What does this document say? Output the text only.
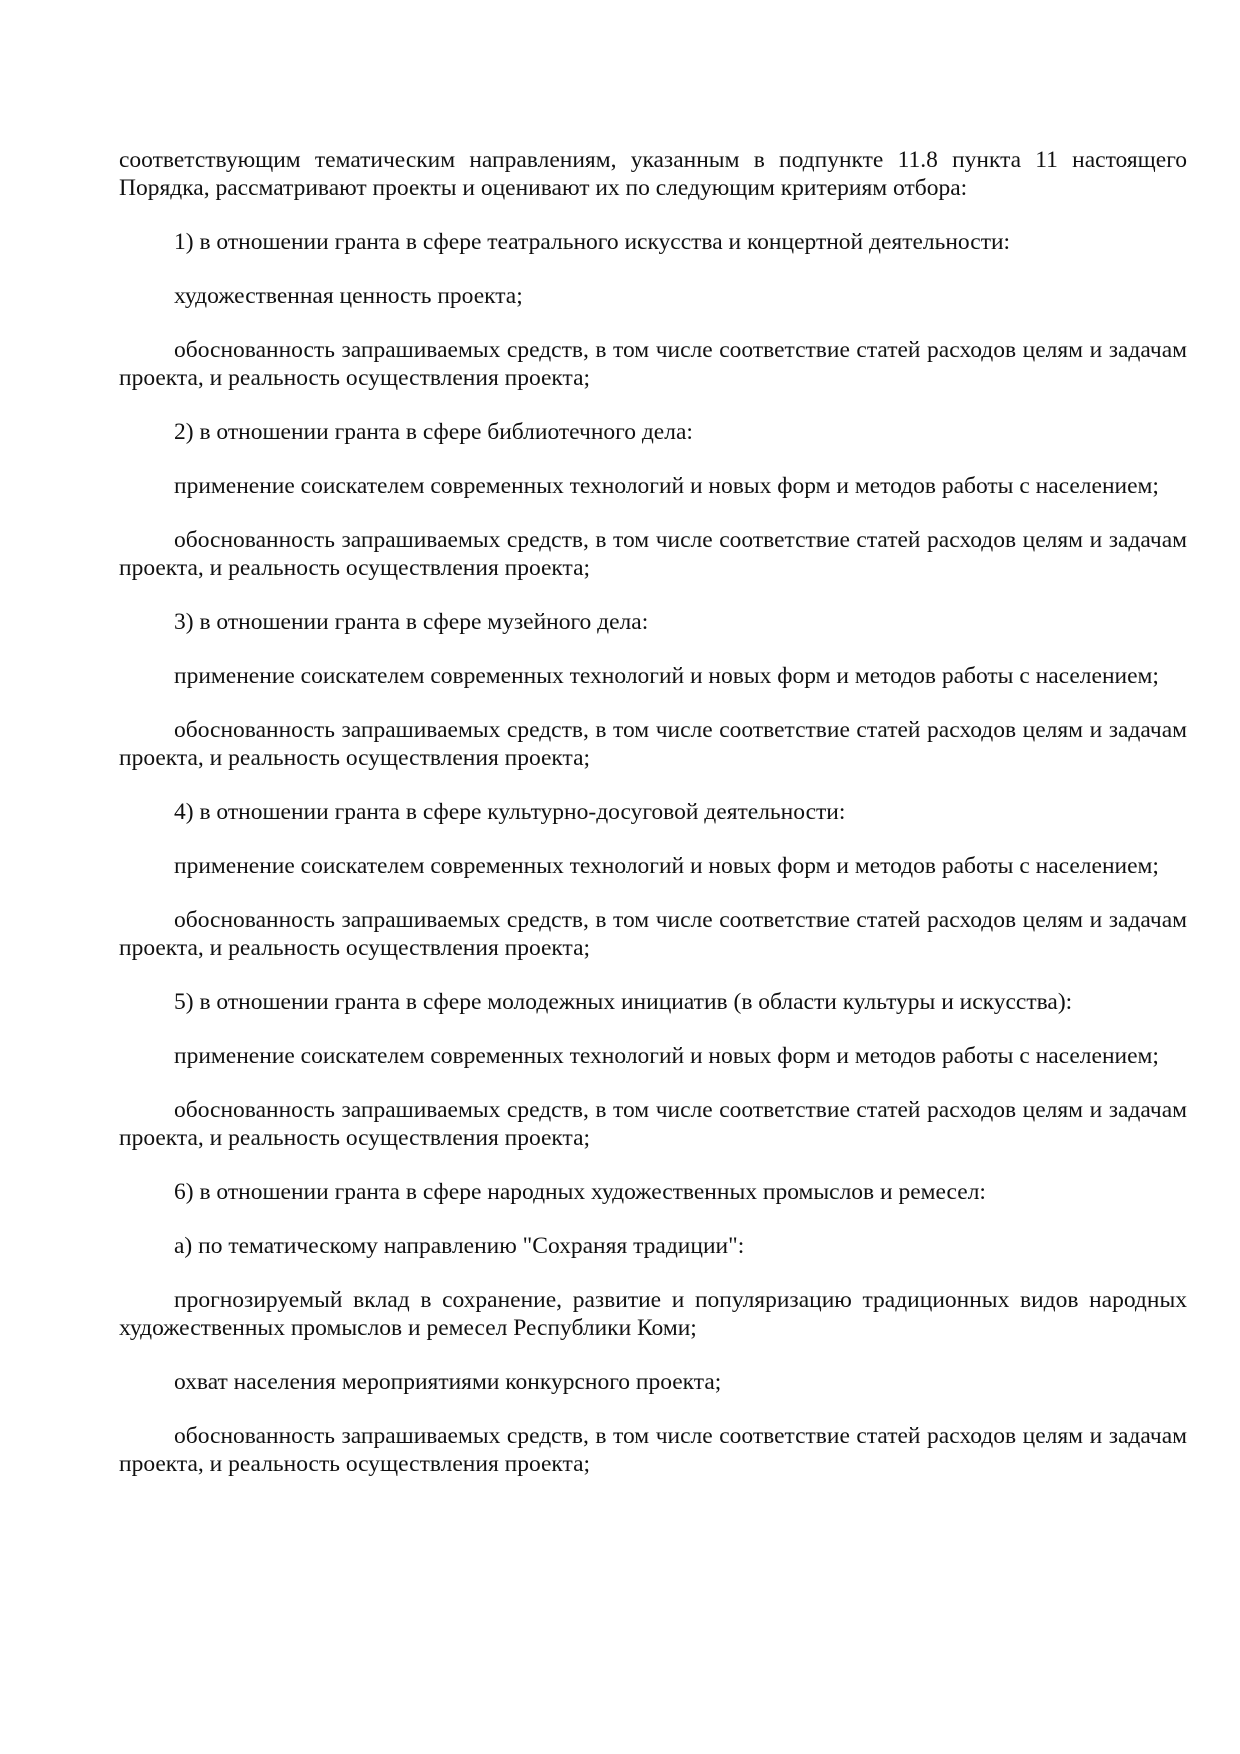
соответствующим тематическим направлениям, указанным в подпункте 11.8 пункта 11 настоящего Порядка, рассматривают проекты и оценивают их по следующим критериям отбора:

1) в отношении гранта в сфере театрального искусства и концертной деятельности:

художественная ценность проекта;

обоснованность запрашиваемых средств, в том числе соответствие статей расходов целям и задачам проекта, и реальность осуществления проекта;

2) в отношении гранта в сфере библиотечного дела:

применение соискателем современных технологий и новых форм и методов работы с населением;

обоснованность запрашиваемых средств, в том числе соответствие статей расходов целям и задачам проекта, и реальность осуществления проекта;

3) в отношении гранта в сфере музейного дела:

применение соискателем современных технологий и новых форм и методов работы с населением;

обоснованность запрашиваемых средств, в том числе соответствие статей расходов целям и задачам проекта, и реальность осуществления проекта;

4) в отношении гранта в сфере культурно-досуговой деятельности:

применение соискателем современных технологий и новых форм и методов работы с населением;

обоснованность запрашиваемых средств, в том числе соответствие статей расходов целям и задачам проекта, и реальность осуществления проекта;

5) в отношении гранта в сфере молодежных инициатив (в области культуры и искусства):

применение соискателем современных технологий и новых форм и методов работы с населением;

обоснованность запрашиваемых средств, в том числе соответствие статей расходов целям и задачам проекта, и реальность осуществления проекта;

6) в отношении гранта в сфере народных художественных промыслов и ремесел:

а) по тематическому направлению "Сохраняя традиции":

прогнозируемый вклад в сохранение, развитие и популяризацию традиционных видов народных художественных промыслов и ремесел Республики Коми;

охват населения мероприятиями конкурсного проекта;

обоснованность запрашиваемых средств, в том числе соответствие статей расходов целям и задачам проекта, и реальность осуществления проекта;
